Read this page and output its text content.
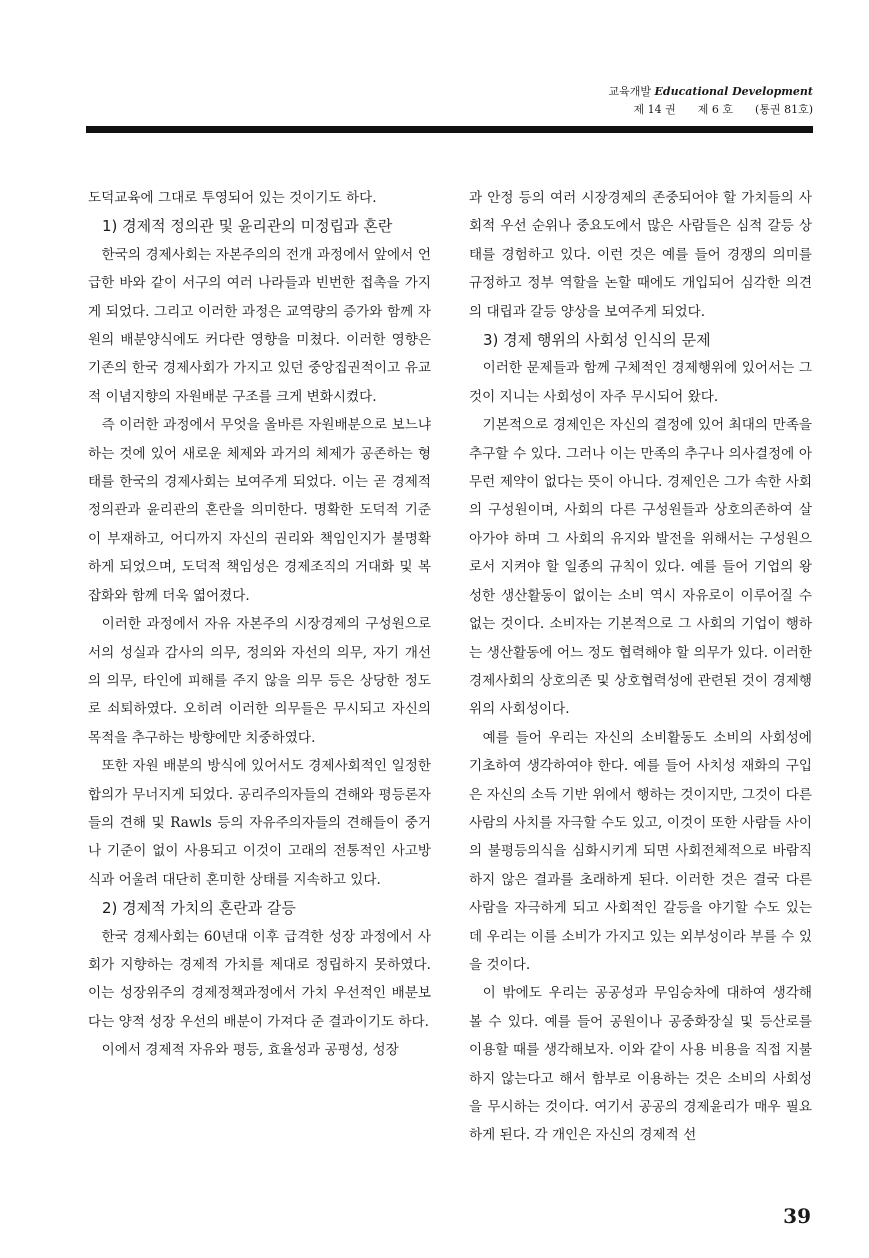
교육개발 Educational Development
제 14 권 제 6 호 (통권 81호)

도덕교육에 그대로 투영되어 있는 것이기도 하다.

1) 경제적 정의관 및 윤리관의 미정립과 혼란

한국의 경제사회는 자본주의의 전개 과정에서 앞에서 언급한 바와 같이 서구의 여러 나라들과 빈번한 접촉을 가지게 되었다. 그리고 이러한 과정은 교역량의 증가와 함께 자원의 배분양식에도 커다란 영향을 미쳤다. 이러한 영향은 기존의 한국 경제사회가 가지고 있던 중앙집권적이고 유교적 이념지향의 자원배분 구조를 크게 변화시켰다.

즉 이러한 과정에서 무엇을 올바른 자원배분으로 보느냐 하는 것에 있어 새로운 체제와 과거의 체제가 공존하는 형태를 한국의 경제사회는 보여주게 되었다. 이는 곧 경제적 정의관과 윤리관의 혼란을 의미한다. 명확한 도덕적 기준이 부재하고, 어디까지 자신의 권리와 책임인지가 불명확하게 되었으며, 도덕적 책임성은 경제조직의 거대화 및 복잡화와 함께 더욱 엷어졌다.

이러한 과정에서 자유 자본주의 시장경제의 구성원으로서의 성실과 감사의 의무, 정의와 자선의 의무, 자기 개선의 의무, 타인에 피해를 주지 않을 의무 등은 상당한 정도로 쇠퇴하였다. 오히려 이러한 의무들은 무시되고 자신의 목적을 추구하는 방향에만 치중하였다.

또한 자원 배분의 방식에 있어서도 경제사회적인 일정한 합의가 무너지게 되었다. 공리주의자들의 견해와 평등론자들의 견해 및 Rawls 등의 자유주의자들의 견해들이 중거나 기준이 없이 사용되고 이것이 고래의 전통적인 사고방식과 어울려 대단히 혼미한 상태를 지속하고 있다.

2) 경제적 가치의 혼란과 갈등

한국 경제사회는 60년대 이후 급격한 성장 과정에서 사회가 지향하는 경제적 가치를 제대로 정립하지 못하였다. 이는 성장위주의 경제정책과정에서 가치 우선적인 배분보다는 양적 성장 우선의 배분이 가져다 준 결과이기도 하다.

이에서 경제적 자유와 평등, 효율성과 공평성, 성장

과 안정 등의 여러 시장경제의 존중되어야 할 가치들의 사회적 우선 순위나 중요도에서 많은 사람들은 심적 갈등 상태를 경험하고 있다. 이런 것은 예를 들어 경쟁의 의미를 규정하고 정부 역할을 논할 때에도 개입되어 심각한 의견의 대립과 갈등 양상을 보여주게 되었다.

3) 경제 행위의 사회성 인식의 문제

이러한 문제들과 함께 구체적인 경제행위에 있어서는 그것이 지니는 사회성이 자주 무시되어 왔다.

기본적으로 경제인은 자신의 결정에 있어 최대의 만족을 추구할 수 있다. 그러나 이는 만족의 추구나 의사결정에 아무런 제약이 없다는 뜻이 아니다. 경제인은 그가 속한 사회의 구성원이며, 사회의 다른 구성원들과 상호의존하여 살아가야 하며 그 사회의 유지와 발전을 위해서는 구성원으로서 지켜야 할 일종의 규칙이 있다. 예를 들어 기업의 왕성한 생산활동이 없이는 소비 역시 자유로이 이루어질 수 없는 것이다. 소비자는 기본적으로 그 사회의 기업이 행하는 생산활동에 어느 정도 협력해야 할 의무가 있다. 이러한 경제사회의 상호의존 및 상호협력성에 관련된 것이 경제행위의 사회성이다.

예를 들어 우리는 자신의 소비활동도 소비의 사회성에 기초하여 생각하여야 한다. 예를 들어 사치성 재화의 구입은 자신의 소득 기반 위에서 행하는 것이지만, 그것이 다른 사람의 사치를 자극할 수도 있고, 이것이 또한 사람들 사이의 불평등의식을 심화시키게 되면 사회전체적으로 바람직하지 않은 결과를 초래하게 된다. 이러한 것은 결국 다른 사람을 자극하게 되고 사회적인 갈등을 야기할 수도 있는데 우리는 이를 소비가 가지고 있는 외부성이라 부를 수 있을 것이다.

이 밖에도 우리는 공공성과 무임승차에 대하여 생각해 볼 수 있다. 예를 들어 공원이나 공중화장실 및 등산로를 이용할 때를 생각해보자. 이와 같이 사용 비용을 직접 지불하지 않는다고 해서 함부로 이용하는 것은 소비의 사회성을 무시하는 것이다. 여기서 공공의 경제윤리가 매우 필요하게 된다. 각 개인은 자신의 경제적 선

39
